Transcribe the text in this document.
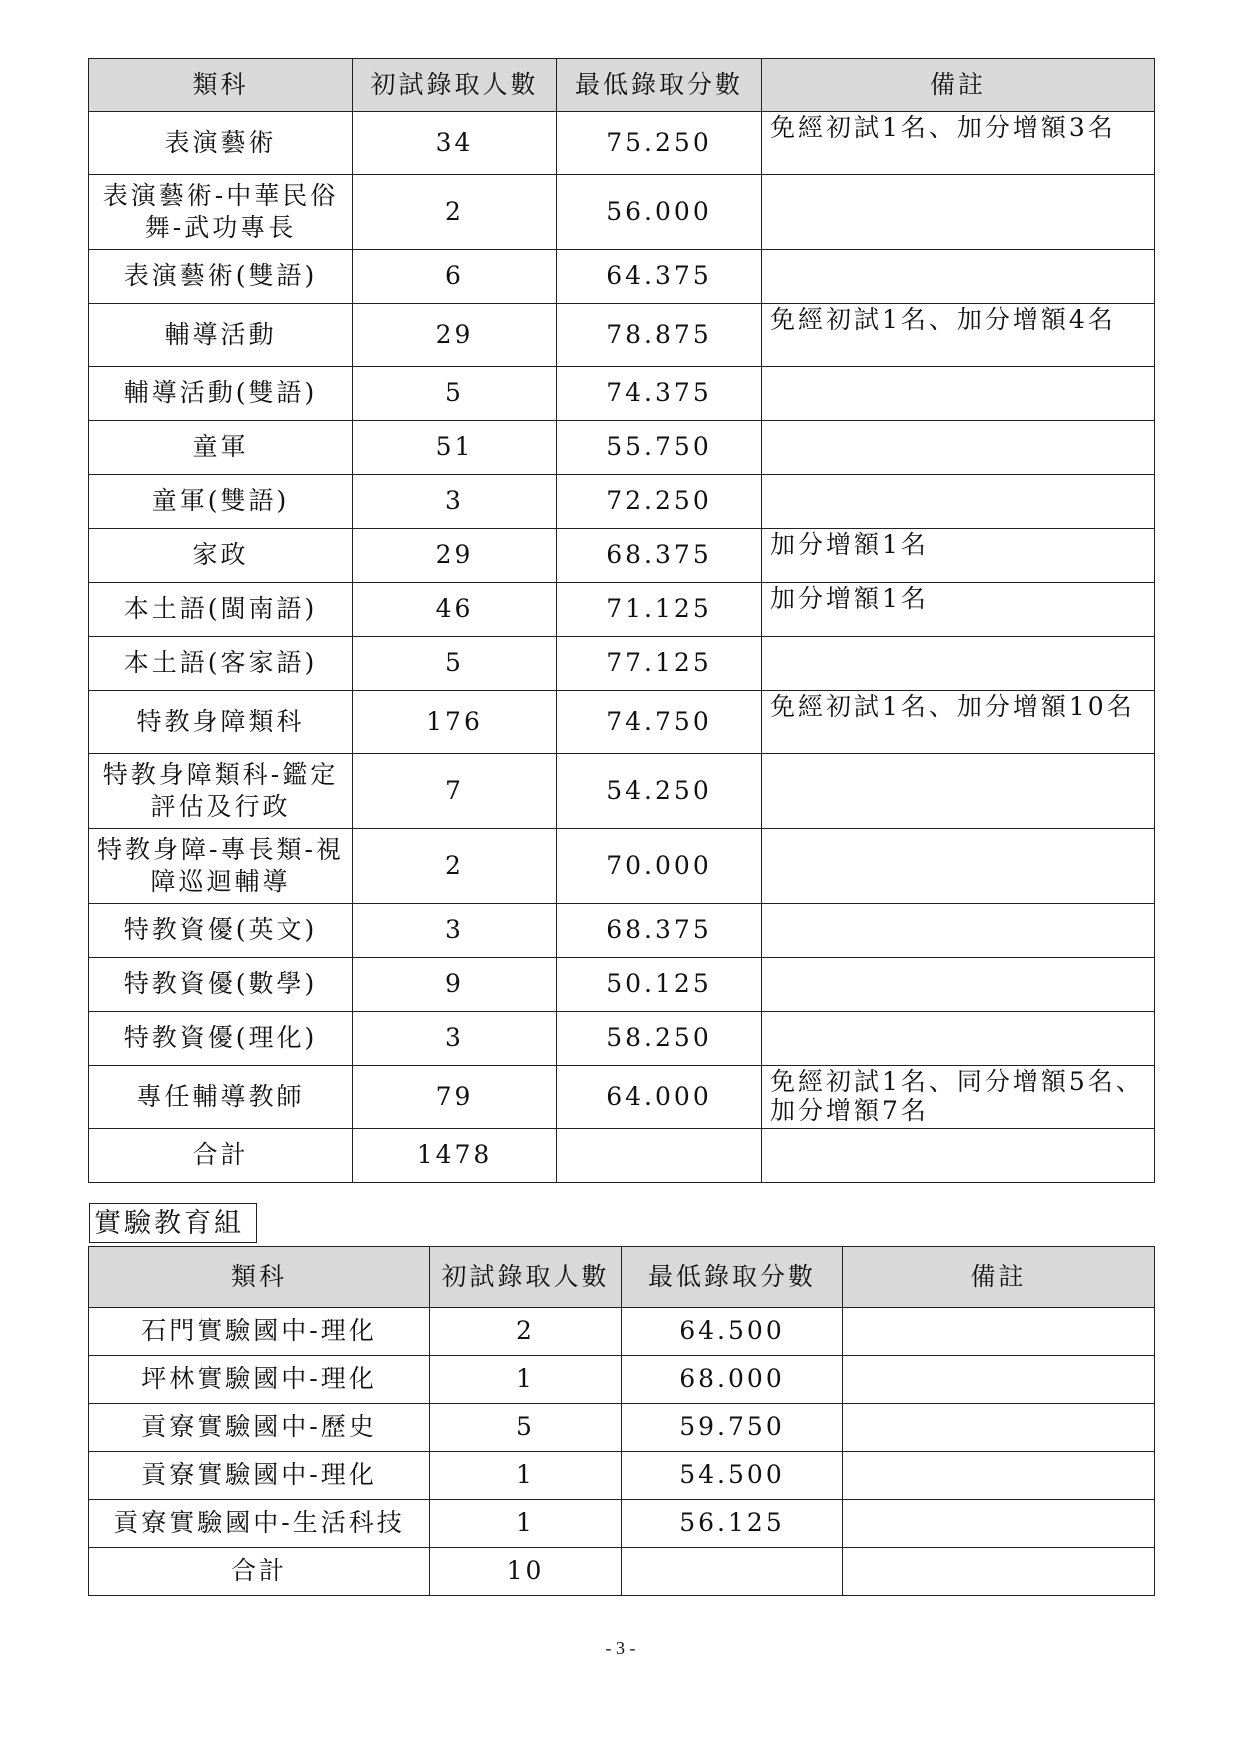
類科	初試錄取人數	最低錄取分數	備註
表演藝術	34	75.250	免經初試1名、加分增額3名
表演藝術-中華民俗舞-武功專長	2	56.000	
表演藝術(雙語)	6	64.375	
輔導活動	29	78.875	免經初試1名、加分增額4名
輔導活動(雙語)	5	74.375	
童軍	51	55.750	
童軍(雙語)	3	72.250	
家政	29	68.375	加分增額1名
本土語(閩南語)	46	71.125	加分增額1名
本土語(客家語)	5	77.125	
特教身障類科	176	74.750	免經初試1名、加分增額10名
特教身障類科-鑑定評估及行政	7	54.250	
特教身障-專長類-視障巡迴輔導	2	70.000	
特教資優(英文)	3	68.375	
特教資優(數學)	9	50.125	
特教資優(理化)	3	58.250	
專任輔導教師	79	64.000	免經初試1名、同分增額5名、加分增額7名
合計	1478		
實驗教育組
類科	初試錄取人數	最低錄取分數	備註
石門實驗國中-理化	2	64.500	
坪林實驗國中-理化	1	68.000	
貢寮實驗國中-歷史	5	59.750	
貢寮實驗國中-理化	1	54.500	
貢寮實驗國中-生活科技	1	56.125	
合計	10		
- 3 -
